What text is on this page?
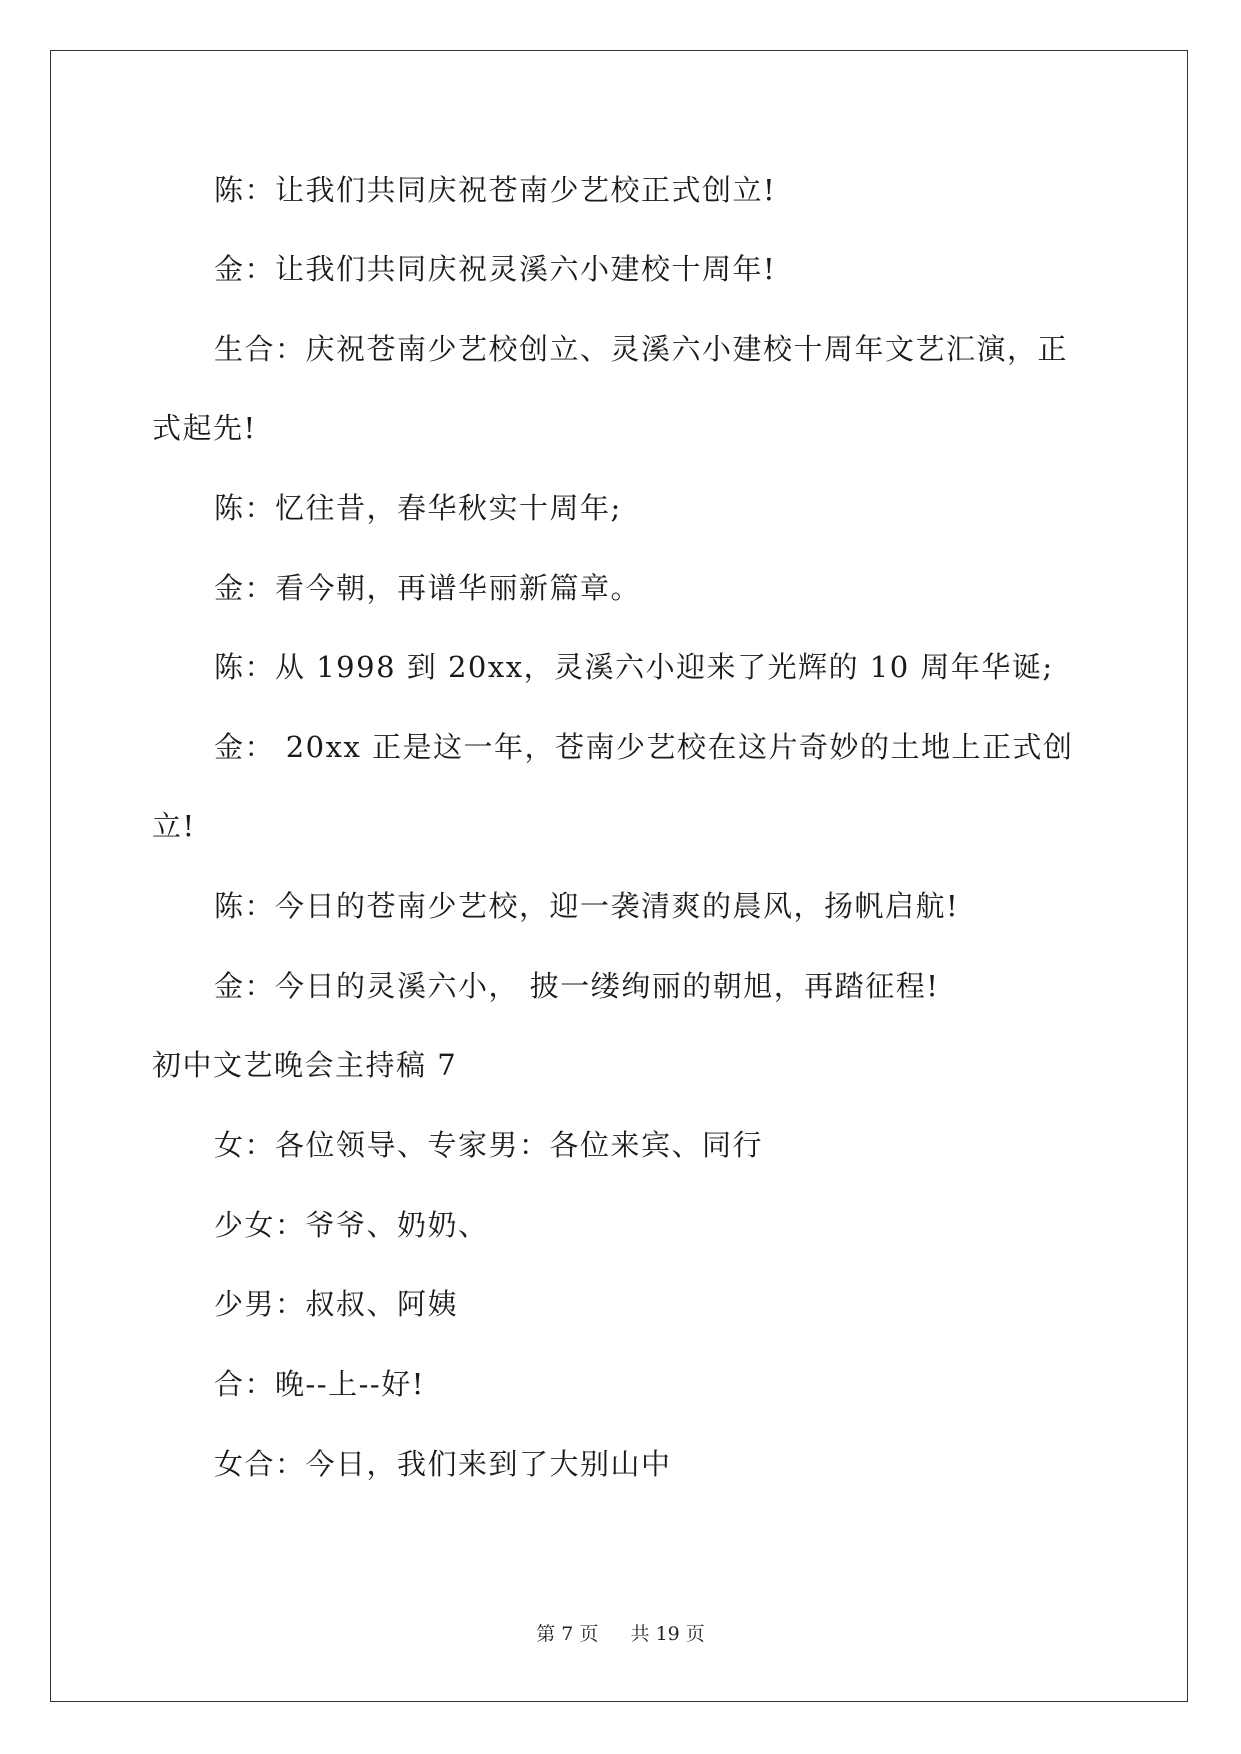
陈：让我们共同庆祝苍南少艺校正式创立!
金：让我们共同庆祝灵溪六小建校十周年!
生合：庆祝苍南少艺校创立、灵溪六小建校十周年文艺汇演，正
式起先!
陈：忆往昔，春华秋实十周年;
金：看今朝，再谱华丽新篇章。
陈：从 1998 到 20xx，灵溪六小迎来了光辉的 10 周年华诞;
金： 20xx 正是这一年，苍南少艺校在这片奇妙的土地上正式创
立!
陈：今日的苍南少艺校，迎一袭清爽的晨风，扬帆启航!
金：今日的灵溪六小， 披一缕绚丽的朝旭，再踏征程!
初中文艺晚会主持稿 7
女：各位领导、专家男：各位来宾、同行
少女：爷爷、奶奶、
少男：叔叔、阿姨
合：晚--上--好!
女合：今日，我们来到了大别山中
第 7 页 共 19 页
